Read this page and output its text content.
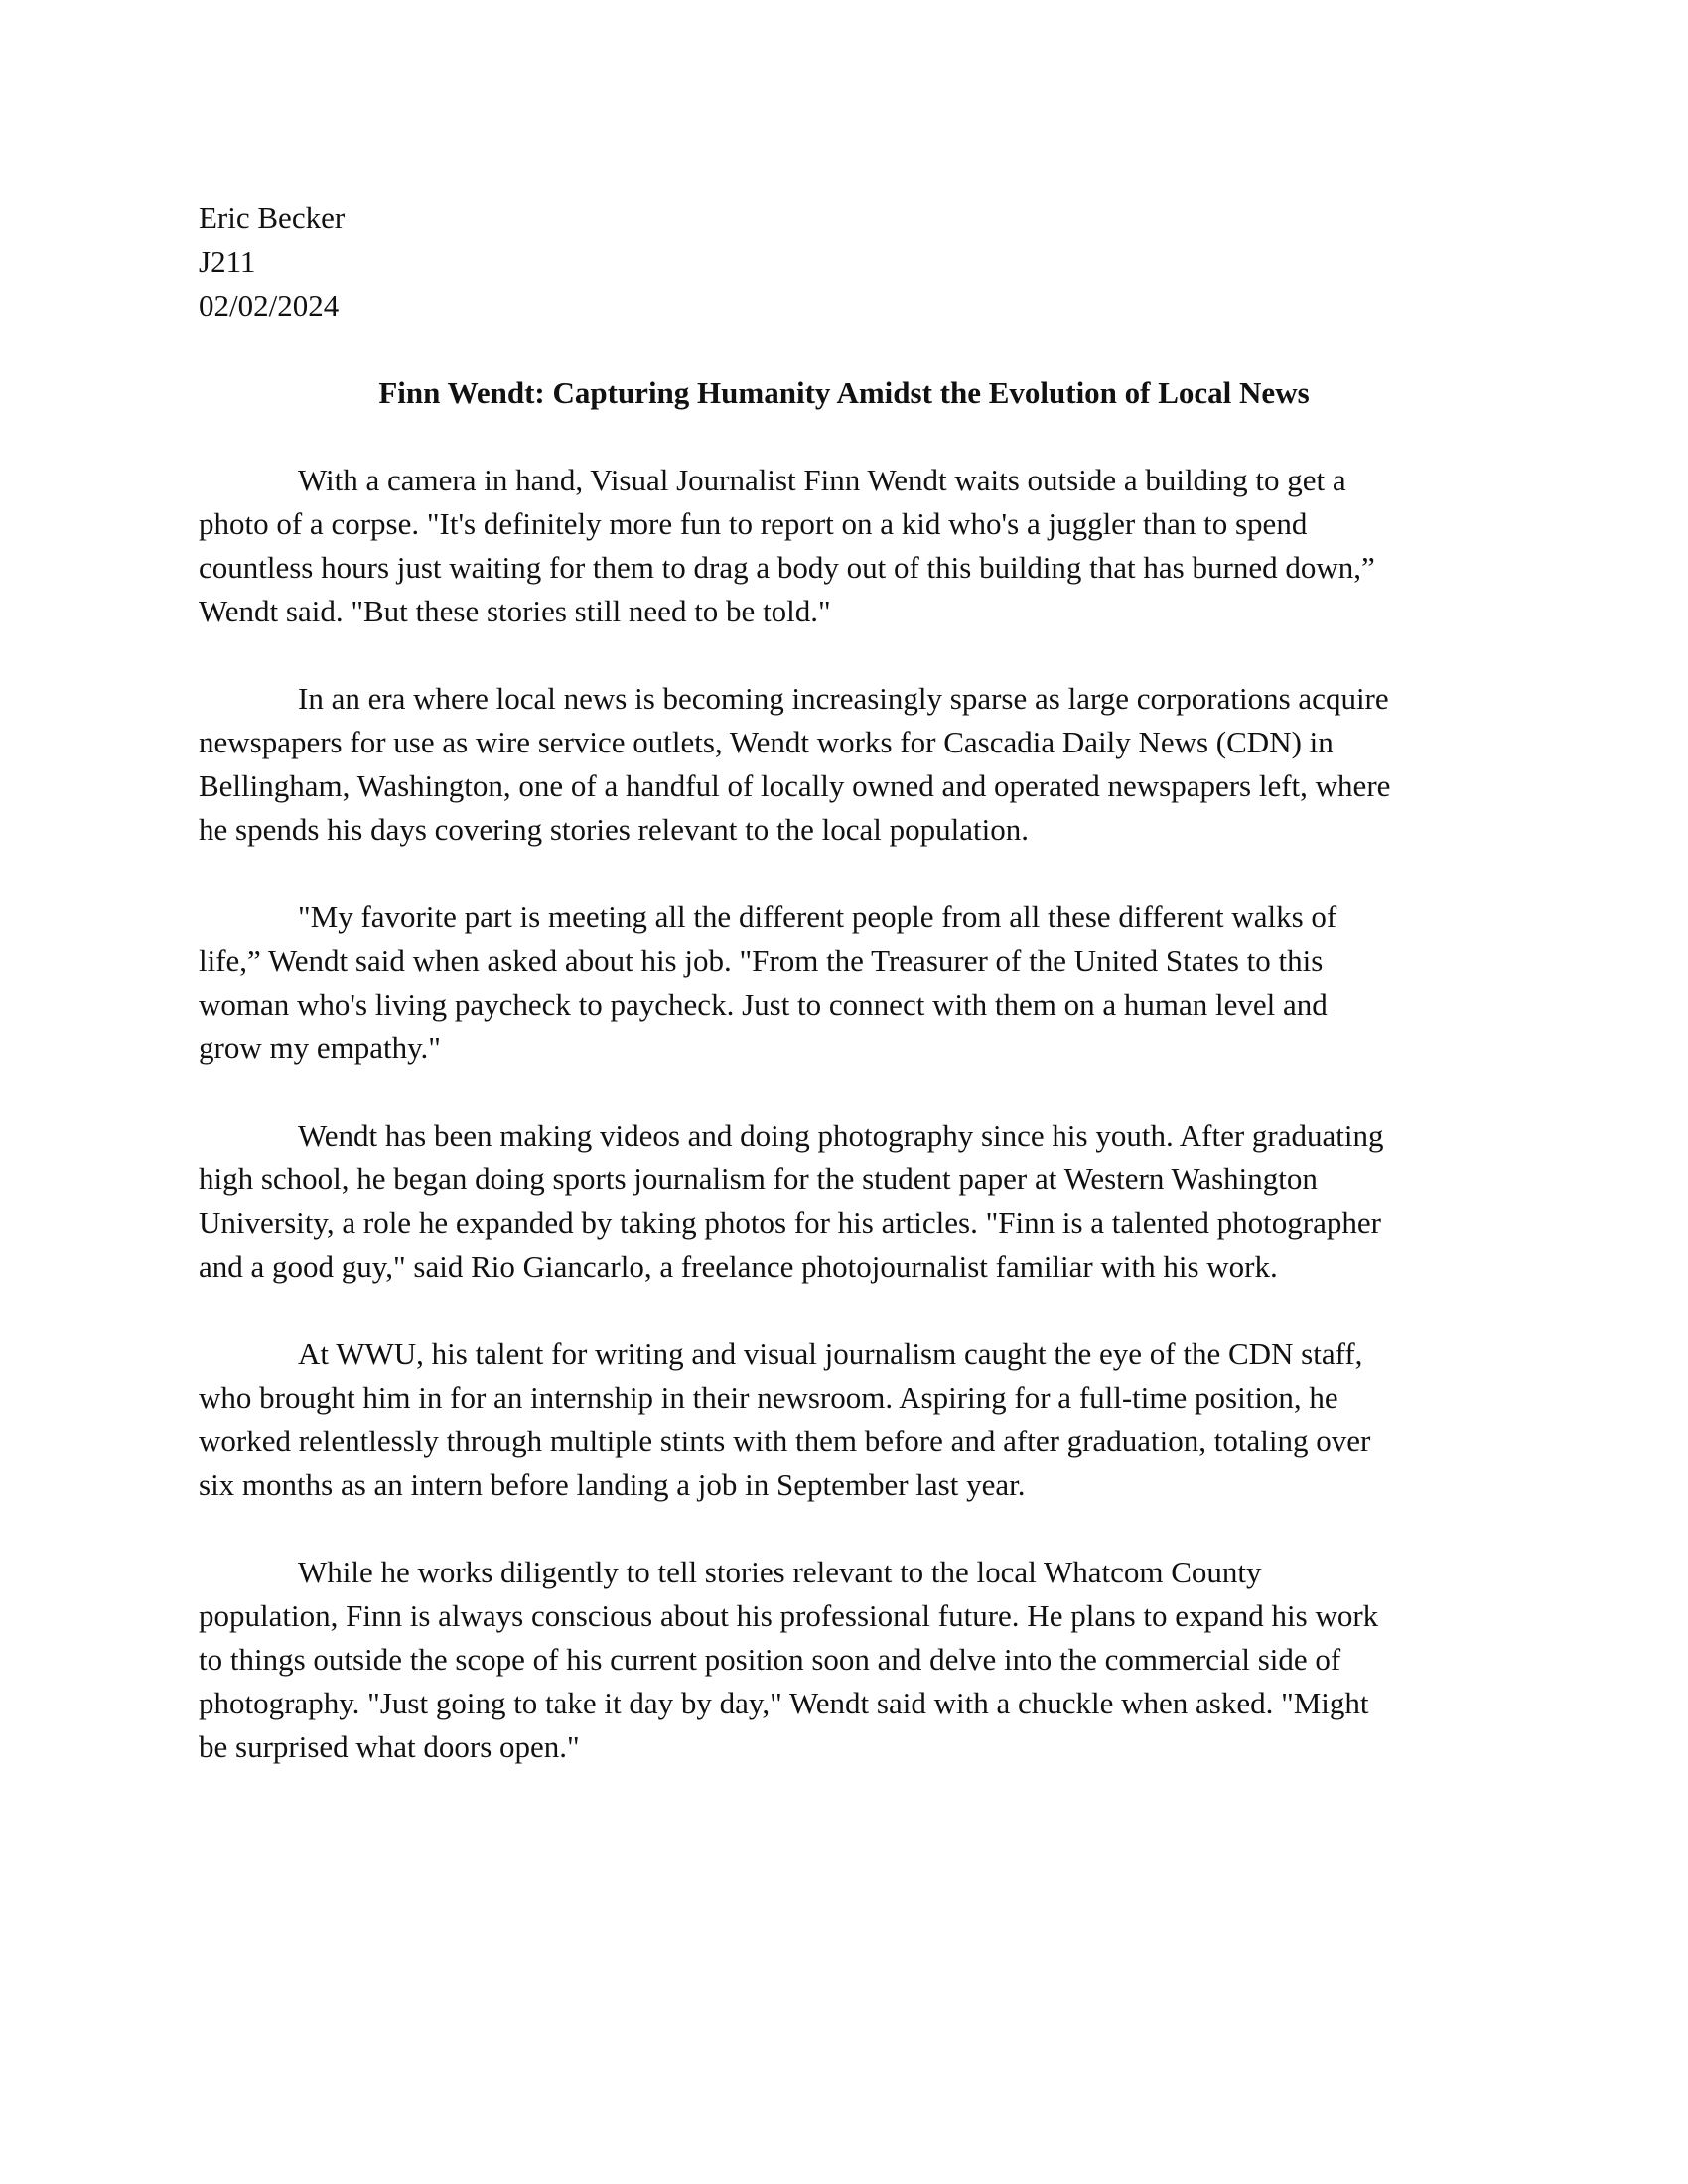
Eric Becker
J211
02/02/2024
Finn Wendt: Capturing Humanity Amidst the Evolution of Local News
With a camera in hand, Visual Journalist Finn Wendt waits outside a building to get a
photo of a corpse. "It's definitely more fun to report on a kid who's a juggler than to spend
countless hours just waiting for them to drag a body out of this building that has burned down,”
Wendt said. "But these stories still need to be told."
In an era where local news is becoming increasingly sparse as large corporations acquire
newspapers for use as wire service outlets, Wendt works for Cascadia Daily News (CDN) in
Bellingham, Washington, one of a handful of locally owned and operated newspapers left, where
he spends his days covering stories relevant to the local population.
"My favorite part is meeting all the different people from all these different walks of
life,” Wendt said when asked about his job. "From the Treasurer of the United States to this
woman who's living paycheck to paycheck. Just to connect with them on a human level and
grow my empathy."
Wendt has been making videos and doing photography since his youth. After graduating
high school, he began doing sports journalism for the student paper at Western Washington
University, a role he expanded by taking photos for his articles. "Finn is a talented photographer
and a good guy," said Rio Giancarlo, a freelance photojournalist familiar with his work.
At WWU, his talent for writing and visual journalism caught the eye of the CDN staff,
who brought him in for an internship in their newsroom. Aspiring for a full-time position, he
worked relentlessly through multiple stints with them before and after graduation, totaling over
six months as an intern before landing a job in September last year.
While he works diligently to tell stories relevant to the local Whatcom County
population, Finn is always conscious about his professional future. He plans to expand his work
to things outside the scope of his current position soon and delve into the commercial side of
photography. "Just going to take it day by day," Wendt said with a chuckle when asked. "Might
be surprised what doors open."
